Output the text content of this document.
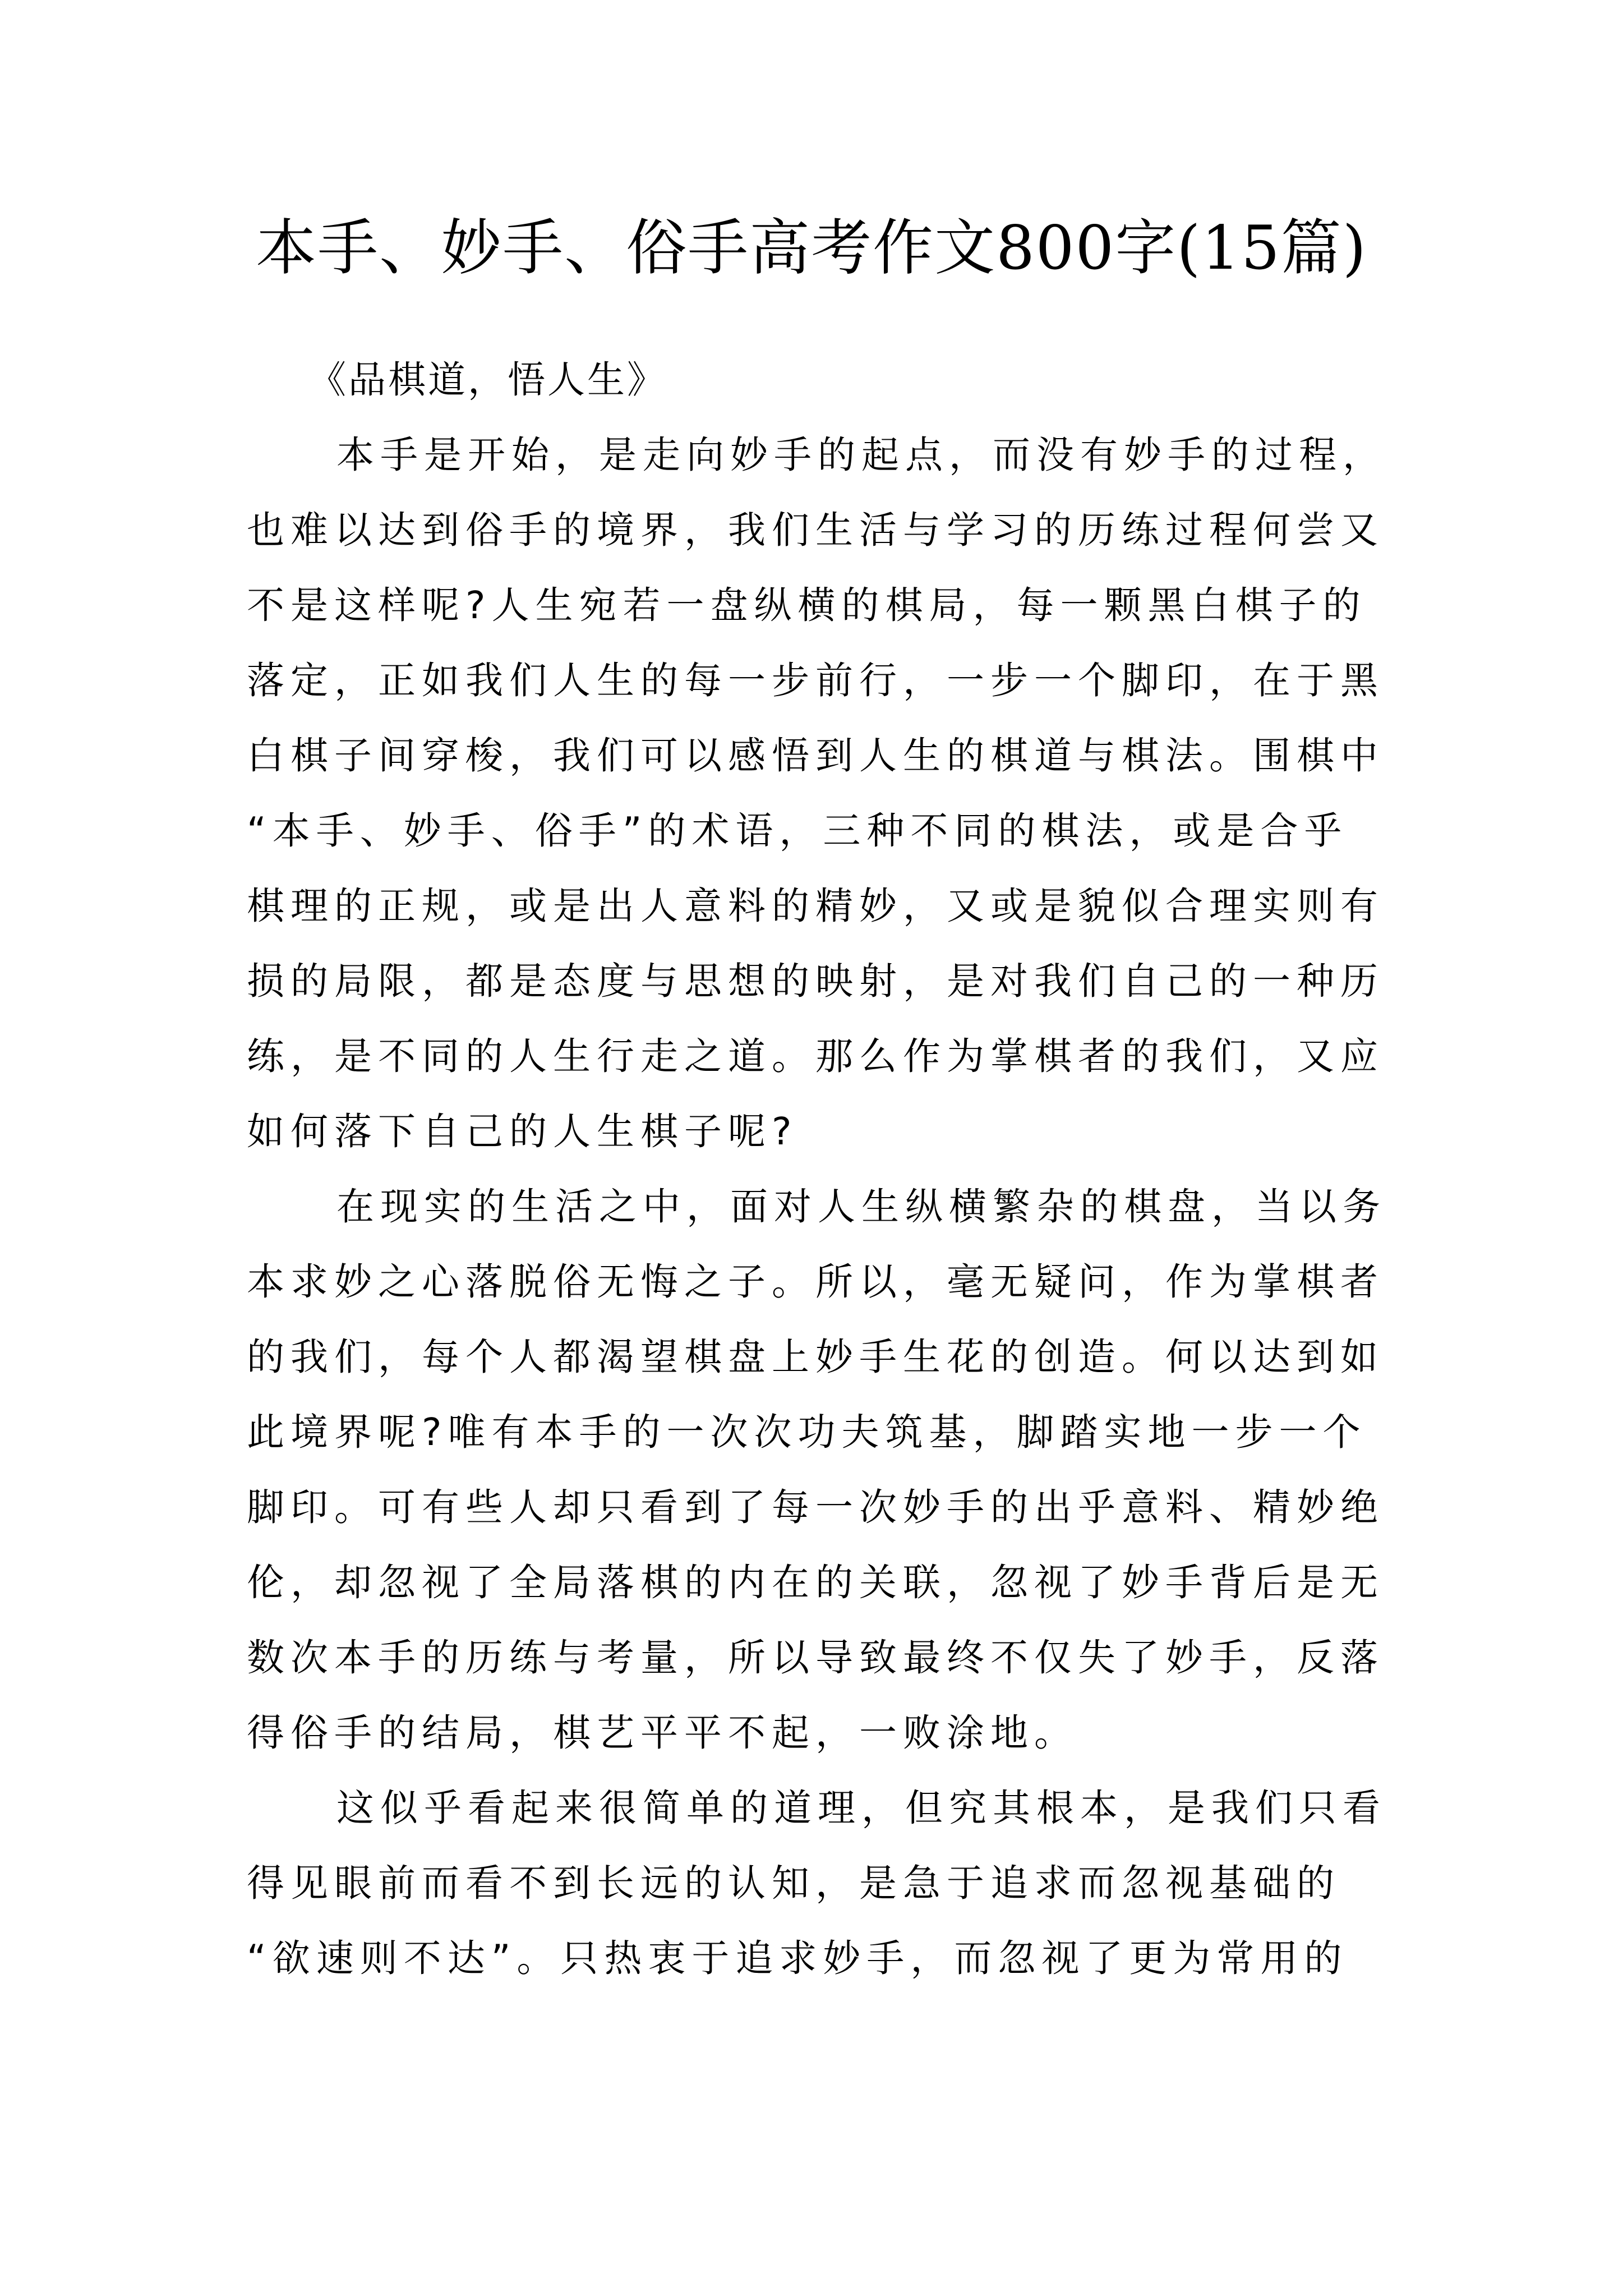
本手、妙手、俗手高考作文800字(15篇)
《品棋道，悟人生》
本手是开始，是走向妙手的起点，而没有妙手的过程，
也难以达到俗手的境界，我们生活与学习的历练过程何尝又
不是这样呢?人生宛若一盘纵横的棋局，每一颗黑白棋子的
落定，正如我们人生的每一步前行，一步一个脚印，在于黑
白棋子间穿梭，我们可以感悟到人生的棋道与棋法。围棋中
“本手、妙手、俗手”的术语，三种不同的棋法，或是合乎
棋理的正规，或是出人意料的精妙，又或是貌似合理实则有
损的局限，都是态度与思想的映射，是对我们自己的一种历
练，是不同的人生行走之道。那么作为掌棋者的我们，又应
如何落下自己的人生棋子呢?
在现实的生活之中，面对人生纵横繁杂的棋盘，当以务
本求妙之心落脱俗无悔之子。所以，毫无疑问，作为掌棋者
的我们，每个人都渴望棋盘上妙手生花的创造。何以达到如
此境界呢?唯有本手的一次次功夫筑基，脚踏实地一步一个
脚印。可有些人却只看到了每一次妙手的出乎意料、精妙绝
伦，却忽视了全局落棋的内在的关联，忽视了妙手背后是无
数次本手的历练与考量，所以导致最终不仅失了妙手，反落
得俗手的结局，棋艺平平不起，一败涂地。
这似乎看起来很简单的道理，但究其根本，是我们只看
得见眼前而看不到长远的认知，是急于追求而忽视基础的
“欲速则不达”。只热衷于追求妙手，而忽视了更为常用的
